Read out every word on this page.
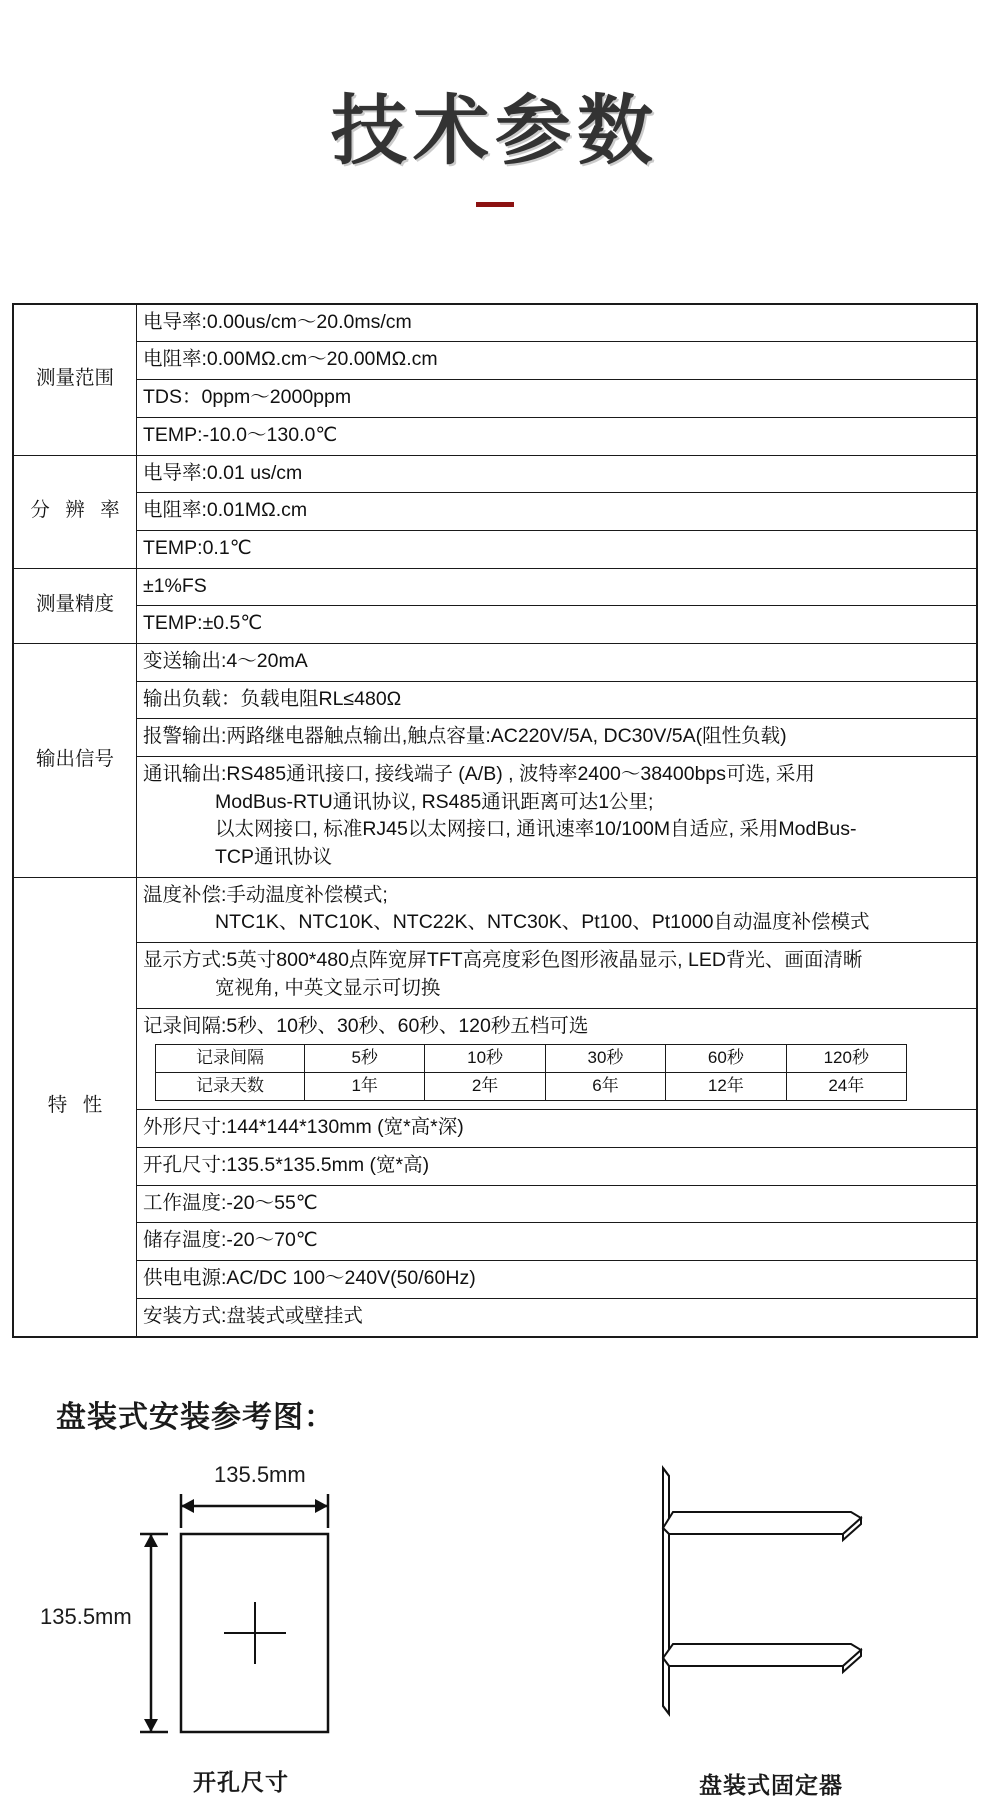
技术参数
测量范围	电导率:0.00us/cm～20.0ms/cm
电阻率:0.00MΩ.cm～20.00MΩ.cm
TDS：0ppm～2000ppm
TEMP:-10.0～130.0℃
分 辨 率	电导率:0.01 us/cm
电阻率:0.01MΩ.cm
TEMP:0.1℃
测量精度	±1%FS
TEMP:±0.5℃
输出信号	变送输出:4～20mA
输出负载：负载电阻RL≤480Ω
报警输出:两路继电器触点输出,触点容量:AC220V/5A, DC30V/5A(阻性负载)
通讯输出:RS485通讯接口, 接线端子 (A/B) , 波特率2400～38400bps可选, 采用
ModBus-RTU通讯协议, RS485通讯距离可达1公里;
以太网接口, 标准RJ45以太网接口, 通讯速率10/100M自适应, 采用ModBus-
TCP通讯协议

特 性	温度补偿:手动温度补偿模式;
NTC1K、NTC10K、NTC22K、NTC30K、Pt100、Pt1000自动温度补偿模式

显示方式:5英寸800*480点阵宽屏TFT高亮度彩色图形液晶显示, LED背光、画面清晰
宽视角, 中英文显示可切换

记录间隔:5秒、10秒、30秒、60秒、120秒五档可选
记录间隔	5秒	10秒	30秒	60秒	120秒
记录天数	1年	2年	6年	12年	24年

外形尺寸:144*144*130mm (宽*高*深)
开孔尺寸:135.5*135.5mm (宽*高)
工作温度:-20～55℃
储存温度:-20～70℃
供电电源:AC/DC 100～240V(50/60Hz)
安装方式:盘装式或壁挂式
盘装式安装参考图：
135.5mm
135.5mm
开孔尺寸	盘装式固定器
